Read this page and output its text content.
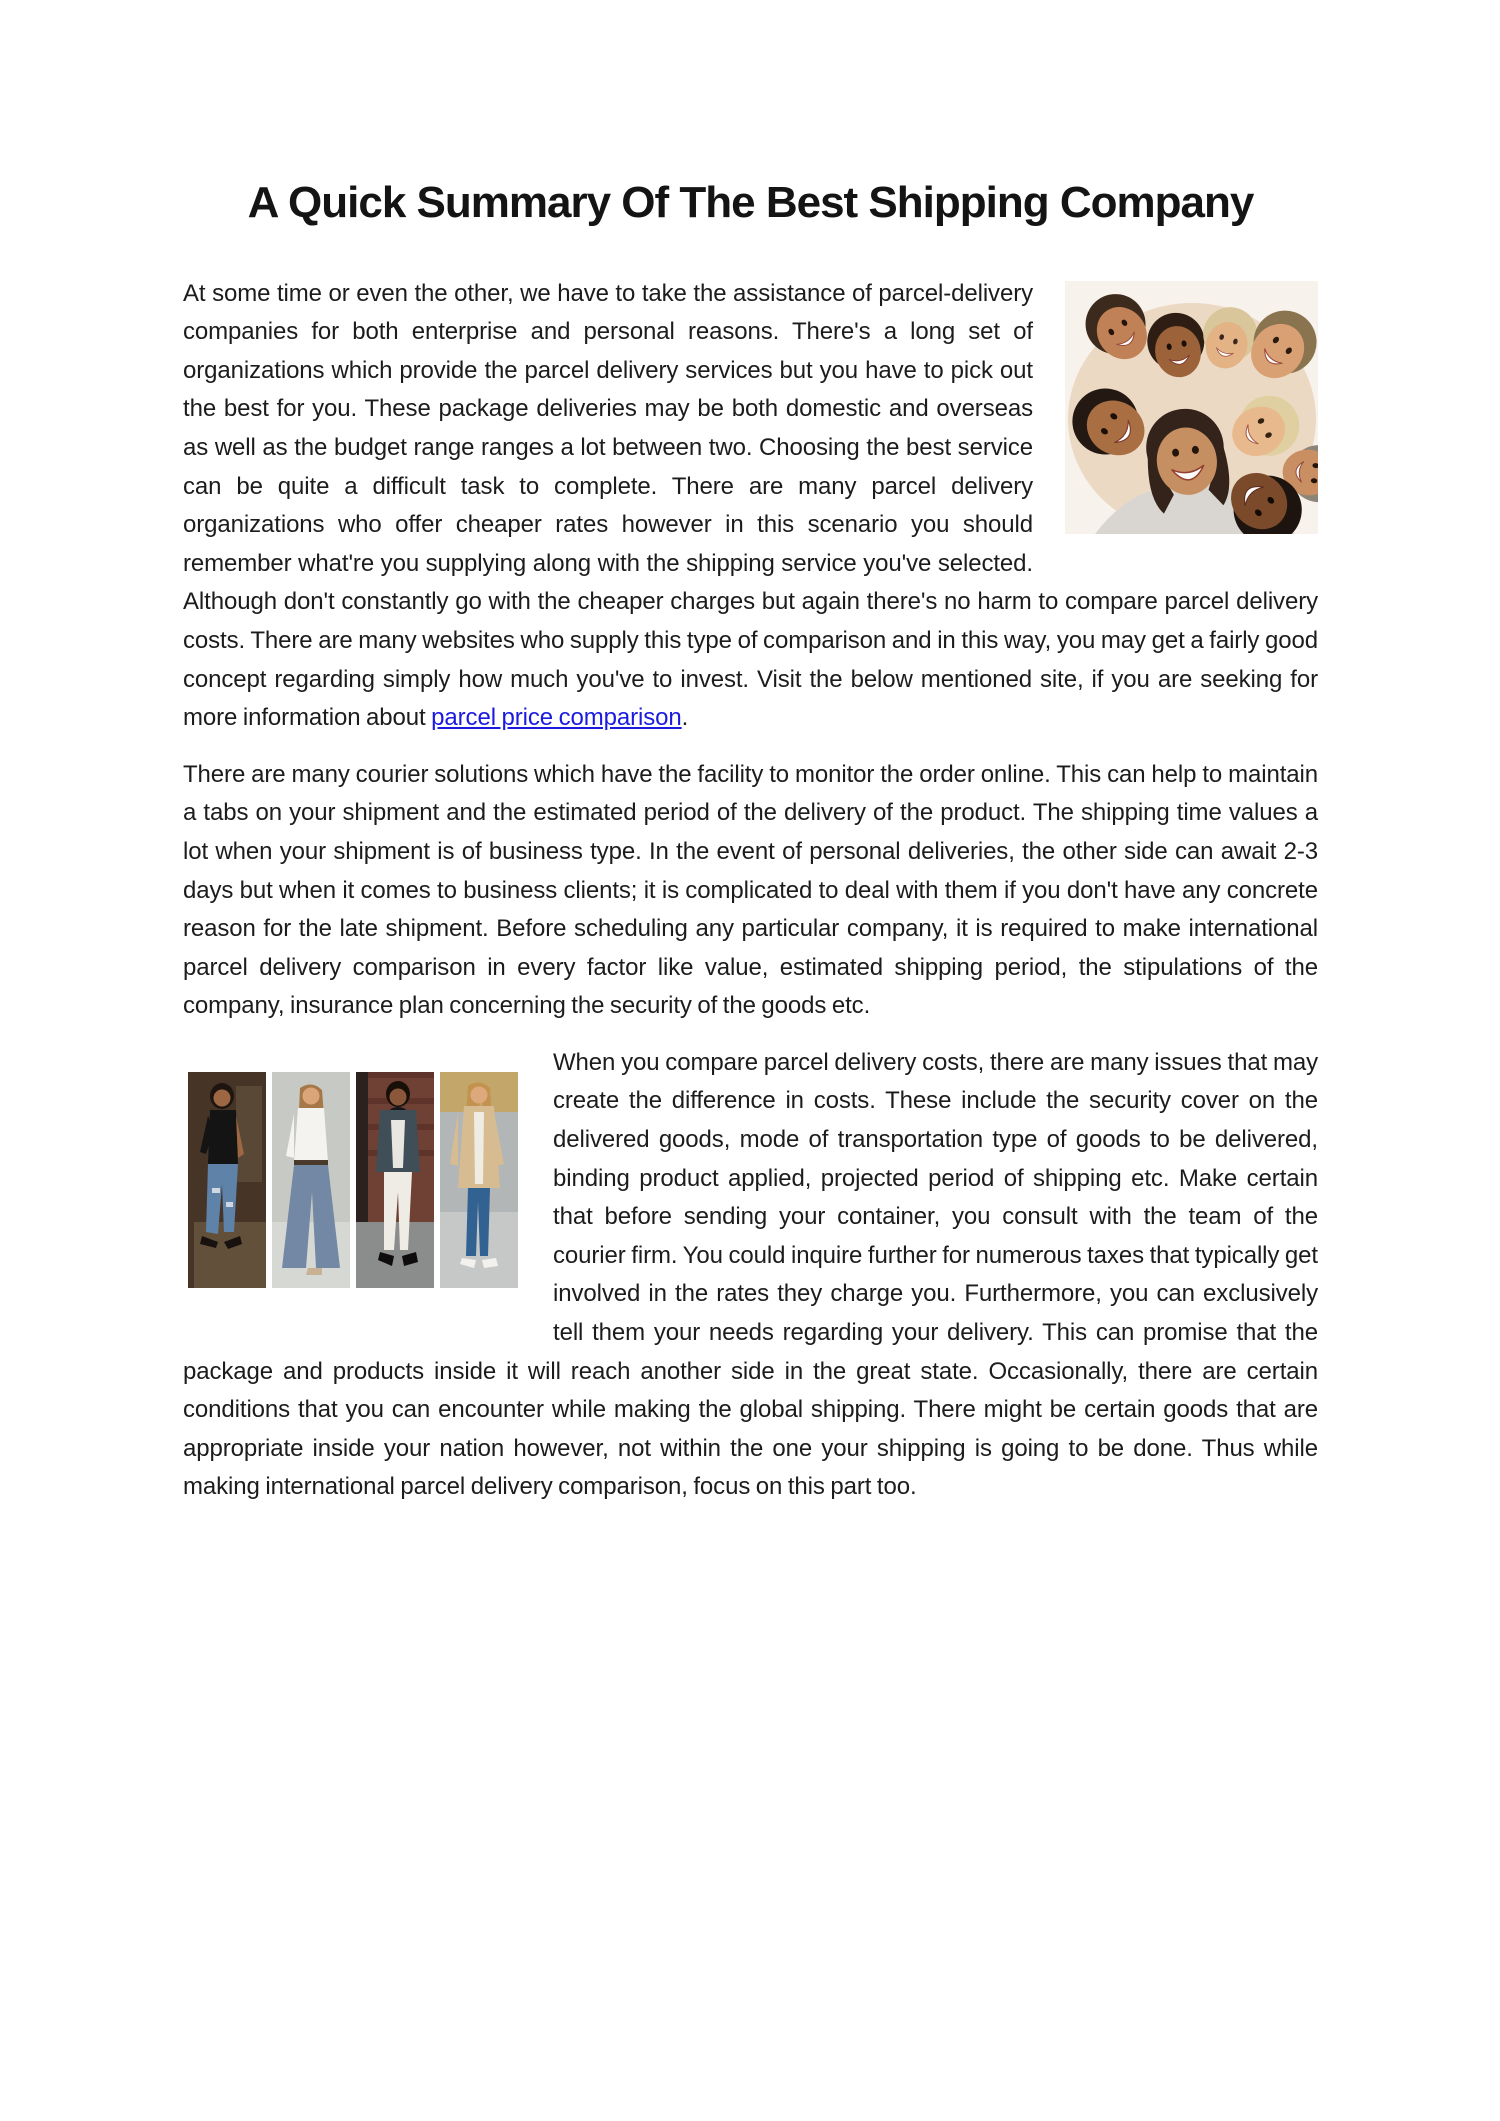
A Quick Summary Of The Best Shipping Company

At some time or even the other, we have to take the assistance of parcel-delivery companies for both enterprise and personal reasons. There's a long set of organizations which provide the parcel delivery services but you have to pick out the best for you. These package deliveries may be both domestic and overseas as well as the budget range ranges a lot between two. Choosing the best service can be quite a difficult task to complete. There are many parcel delivery organizations who offer cheaper rates however in this scenario you should remember what're you supplying along with the shipping service you've selected. Although don't constantly go with the cheaper charges but again there's no harm to compare parcel delivery costs. There are many websites who supply this type of comparison and in this way, you may get a fairly good concept regarding simply how much you've to invest. Visit the below mentioned site, if you are seeking for more information about parcel price comparison.

There are many courier solutions which have the facility to monitor the order online. This can help to maintain a tabs on your shipment and the estimated period of the delivery of the product. The shipping time values a lot when your shipment is of business type. In the event of personal deliveries, the other side can await 2-3 days but when it comes to business clients; it is complicated to deal with them if you don't have any concrete reason for the late shipment. Before scheduling any particular company, it is required to make international parcel delivery comparison in every factor like value, estimated shipping period, the stipulations of the company, insurance plan concerning the security of the goods etc.

When you compare parcel delivery costs, there are many issues that may create the difference in costs. These include the security cover on the delivered goods, mode of transportation type of goods to be delivered, binding product applied, projected period of shipping etc. Make certain that before sending your container, you consult with the team of the courier firm. You could inquire further for numerous taxes that typically get involved in the rates they charge you. Furthermore, you can exclusively tell them your needs regarding your delivery. This can promise that the package and products inside it will reach another side in the great state. Occasionally, there are certain conditions that you can encounter while making the global shipping. There might be certain goods that are appropriate inside your nation however, not within the one your shipping is going to be done. Thus while making international parcel delivery comparison, focus on this part too.
